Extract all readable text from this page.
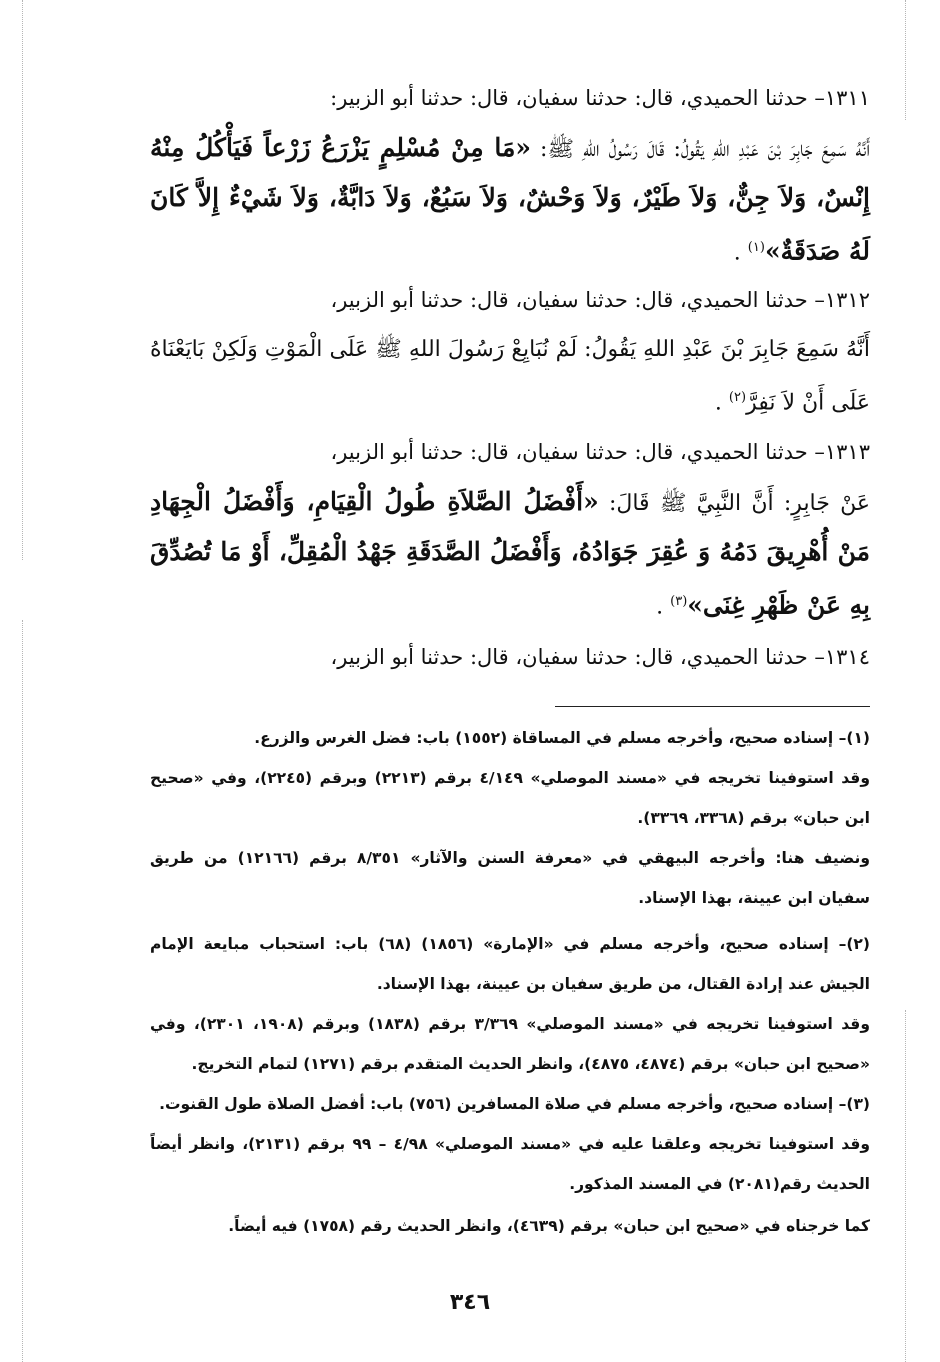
١٣١١– حدثنا الحميدي، قال: حدثنا سفيان، قال: حدثنا أبو الزبير:
أَنَّهُ سَمِعَ جَابِرَ بْنَ عَبْدِ اللهِ يَقُولُ: قَالَ رَسُولُ اللهِ ﷺ: «مَا مِنْ مُسْلِمٍ يَزْرَعُ زَرْعاً فَيَأْكُلُ مِنْهُ إِنْسٌ، وَلاَ جِنٌّ، وَلاَ طَيْرٌ، وَلاَ وَحْشٌ، وَلاَ سَبُعٌ، وَلاَ دَابَّةٌ، وَلاَ شَيْءٌ إِلاَّ كَانَ لَهُ صَدَقَةٌ»$^{(١)}$ .
١٣١٢– حدثنا الحميدي، قال: حدثنا سفيان، قال: حدثنا أبو الزبير،
أَنَّهُ سَمِعَ جَابِرَ بْنَ عَبْدِ اللهِ يَقُولُ: لَمْ نُبَايِعْ رَسُولَ اللهِ ﷺ عَلَى الْمَوْتِ وَلَكِنْ بَايَعْنَاهُ عَلَى أَنْ لاَ نَفِرَّ$^{(٢)}$ .
١٣١٣– حدثنا الحميدي، قال: حدثنا سفيان، قال: حدثنا أبو الزبير،
عَنْ جَابِرٍ: أَنَّ النَّبِيَّ ﷺ قَالَ: «أَفْضَلُ الصَّلاَةِ طُولُ الْقِيَامِ، وَأَفْضَلُ الْجِهَادِ مَنْ أُهْرِيقَ دَمُهُ وَ عُقِرَ جَوَادُهُ، وَأَفْضَلُ الصَّدَقَةِ جَهْدُ الْمُقِلِّ، أَوْ مَا تُصُدِّقَ بِهِ عَنْ ظَهْرِ غِنَى»$^{(٣)}$ .
١٣١٤– حدثنا الحميدي، قال: حدثنا سفيان، قال: حدثنا أبو الزبير،
(١)– إسناده صحيح، وأخرجه مسلم في المساقاة (١٥٥٢) باب: فضل الغرس والزرع.
وقد استوفينا تخريجه في «مسند الموصلي» ٤/١٤٩ برقم (٢٢١٣) وبرقم (٢٢٤٥)، وفي «صحيح ابن حبان» برقم (٣٣٦٨، ٣٣٦٩).
ونضيف هنا: وأخرجه البيهقي في «معرفة السنن والآثار» ٨/٣٥١ برقم (١٢١٦٦) من طريق سفيان ابن عيينة، بهذا الإسناد.
(٢)– إسناده صحيح، وأخرجه مسلم في «الإمارة» (١٨٥٦) (٦٨) باب: استحباب مبايعة الإمام الجيش عند إرادة القتال، من طريق سفيان بن عيينة، بهذا الإسناد.
وقد استوفينا تخريجه في «مسند الموصلي» ٣/٣٦٩ برقم (١٨٣٨) وبرقم (١٩٠٨، ٢٣٠١)، وفي «صحيح ابن حبان» برقم (٤٨٧٤، ٤٨٧٥)، وانظر الحديث المتقدم برقم (١٢٧١) لتمام التخريج.
(٣)– إسناده صحيح، وأخرجه مسلم في صلاة المسافرين (٧٥٦) باب: أفضل الصلاة طول القنوت.
وقد استوفينا تخريجه وعلقنا عليه في «مسند الموصلي» ٤/٩٨ – ٩٩ برقم (٢١٣١)، وانظر أيضاً الحديث رقم(٢٠٨١) في المسند المذكور.
كما خرجناه في «صحيح ابن حبان» برقم (٤٦٣٩)، وانظر الحديث رقم (١٧٥٨) فيه أيضاً.
٣٤٦
